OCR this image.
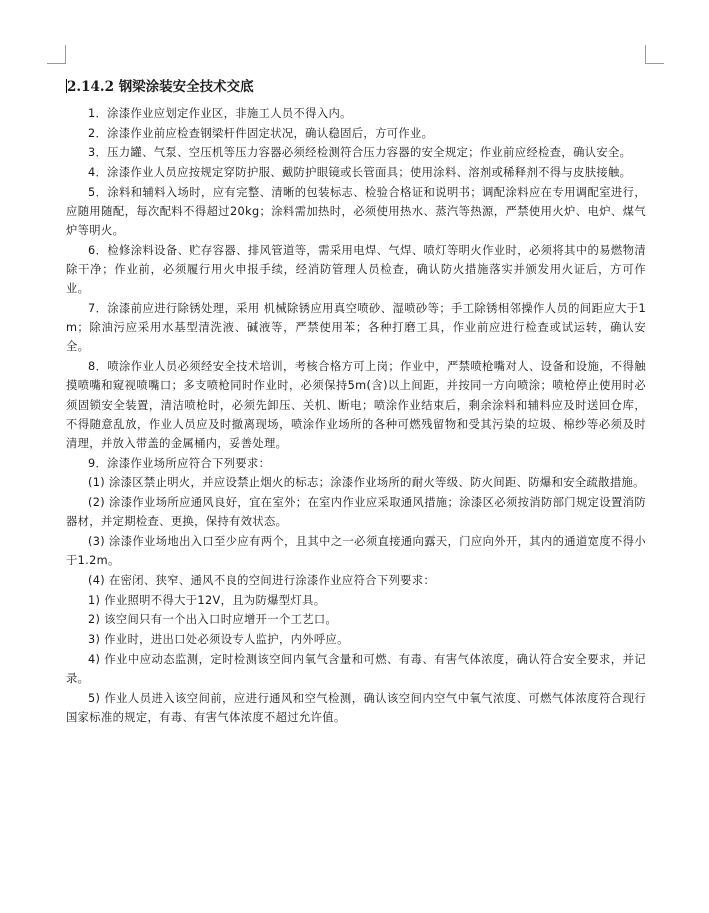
2.14.2 钢梁涂装安全技术交底

1．涂漆作业应划定作业区，非施工人员不得入内。

2．涂漆作业前应检查钢梁杆件固定状况，确认稳固后，方可作业。

3．压力罐、气泵、空压机等压力容器必须经检测符合压力容器的安全规定；作业前应经检查，确认安全。

4．涂漆作业人员应按规定穿防护服、戴防护眼镜或长管面具；使用涂料、溶剂或稀释剂不得与皮肤接触。

5．涂料和辅料入场时，应有完整、清晰的包装标志、检验合格证和说明书；调配涂料应在专用调配室进行，应随用随配，每次配料不得超过20kg；涂料需加热时，必须使用热水、蒸汽等热源，严禁使用火炉、电炉、煤气炉等明火。

6．检修涂料设备、贮存容器、排风管道等，需采用电焊、气焊、喷灯等明火作业时，必须将其中的易燃物清除干净；作业前，必须履行用火申报手续，经消防管理人员检查，确认防火措施落实并颁发用火证后，方可作业。

7．涂漆前应进行除锈处理，采用 机械除锈应用真空喷砂、湿喷砂等；手工除锈相邻操作人员的间距应大于1m；除油污应采用水基型清洗液、碱液等，严禁使用苯；各种打磨工具，作业前应进行检查或试运转，确认安全。

8．喷涂作业人员必须经安全技术培训，考核合格方可上岗；作业中，严禁喷枪嘴对人、设备和设施，不得触摸喷嘴和窥视喷嘴口；多支喷枪同时作业时，必须保持5m(含)以上间距，并按同一方向喷涂；喷枪停止使用时必须固锁安全装置，清洁喷枪时，必须先卸压、关机、断电；喷涂作业结束后，剩余涂料和辅料应及时送回仓库，不得随意乱放，作业人员应及时撤离现场，喷涂作业场所的各种可燃残留物和受其污染的垃圾、棉纱等必须及时清理，并放入带盖的金属桶内，妥善处理。

9．涂漆作业场所应符合下列要求：

(1) 涂漆区禁止明火，并应设禁止烟火的标志；涂漆作业场所的耐火等级、防火间距、防爆和安全疏散措施。

(2) 涂漆作业场所应通风良好，宜在室外；在室内作业应采取通风措施；涂漆区必须按消防部门规定设置消防器材，并定期检查、更换，保持有效状态。

(3) 涂漆作业场地出入口至少应有两个，且其中之一必须直接通向露天，门应向外开，其内的通道宽度不得小于1.2m。

(4) 在密闭、狭窄、通风不良的空间进行涂漆作业应符合下列要求：

1) 作业照明不得大于12V，且为防爆型灯具。

2) 该空间只有一个出入口时应增开一个工艺口。

3) 作业时，进出口处必须设专人监护，内外呼应。

4) 作业中应动态监测，定时检测该空间内氧气含量和可燃、有毒、有害气体浓度，确认符合安全要求，并记录。

5) 作业人员进入该空间前，应进行通风和空气检测，确认该空间内空气中氧气浓度、可燃气体浓度符合现行国家标准的规定，有毒、有害气体浓度不超过允许值。
